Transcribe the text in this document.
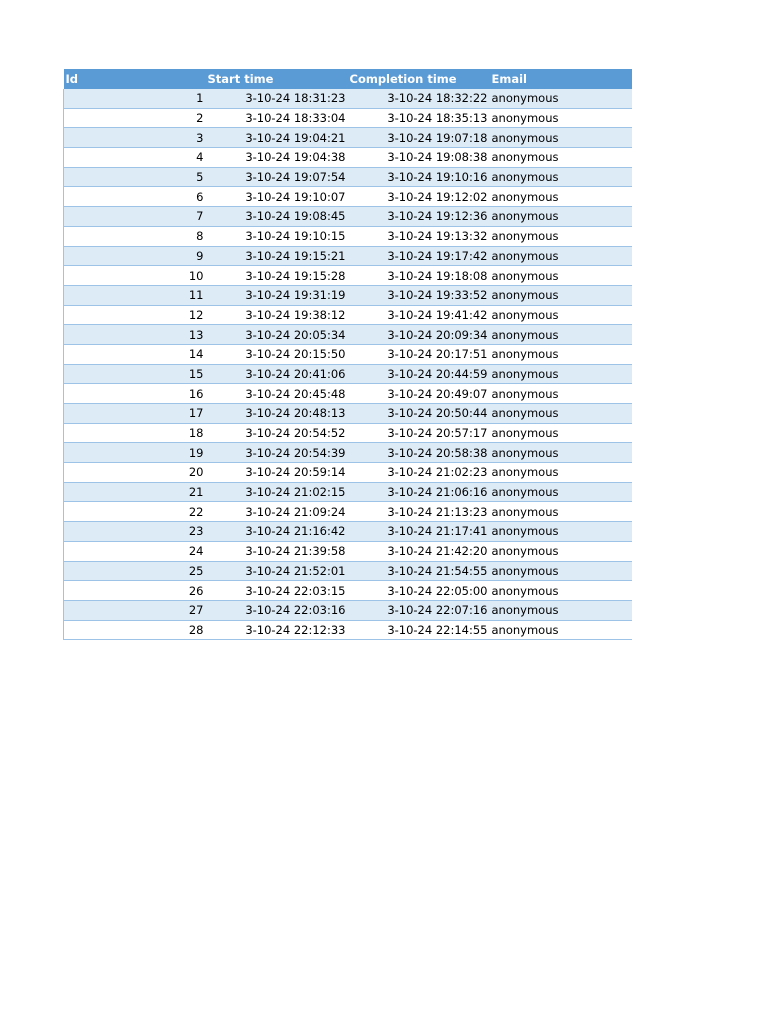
Id	Start time	Completion time	Email
1	3-10-24 18:31:23	3-10-24 18:32:22	anonymous
2	3-10-24 18:33:04	3-10-24 18:35:13	anonymous
3	3-10-24 19:04:21	3-10-24 19:07:18	anonymous
4	3-10-24 19:04:38	3-10-24 19:08:38	anonymous
5	3-10-24 19:07:54	3-10-24 19:10:16	anonymous
6	3-10-24 19:10:07	3-10-24 19:12:02	anonymous
7	3-10-24 19:08:45	3-10-24 19:12:36	anonymous
8	3-10-24 19:10:15	3-10-24 19:13:32	anonymous
9	3-10-24 19:15:21	3-10-24 19:17:42	anonymous
10	3-10-24 19:15:28	3-10-24 19:18:08	anonymous
11	3-10-24 19:31:19	3-10-24 19:33:52	anonymous
12	3-10-24 19:38:12	3-10-24 19:41:42	anonymous
13	3-10-24 20:05:34	3-10-24 20:09:34	anonymous
14	3-10-24 20:15:50	3-10-24 20:17:51	anonymous
15	3-10-24 20:41:06	3-10-24 20:44:59	anonymous
16	3-10-24 20:45:48	3-10-24 20:49:07	anonymous
17	3-10-24 20:48:13	3-10-24 20:50:44	anonymous
18	3-10-24 20:54:52	3-10-24 20:57:17	anonymous
19	3-10-24 20:54:39	3-10-24 20:58:38	anonymous
20	3-10-24 20:59:14	3-10-24 21:02:23	anonymous
21	3-10-24 21:02:15	3-10-24 21:06:16	anonymous
22	3-10-24 21:09:24	3-10-24 21:13:23	anonymous
23	3-10-24 21:16:42	3-10-24 21:17:41	anonymous
24	3-10-24 21:39:58	3-10-24 21:42:20	anonymous
25	3-10-24 21:52:01	3-10-24 21:54:55	anonymous
26	3-10-24 22:03:15	3-10-24 22:05:00	anonymous
27	3-10-24 22:03:16	3-10-24 22:07:16	anonymous
28	3-10-24 22:12:33	3-10-24 22:14:55	anonymous
